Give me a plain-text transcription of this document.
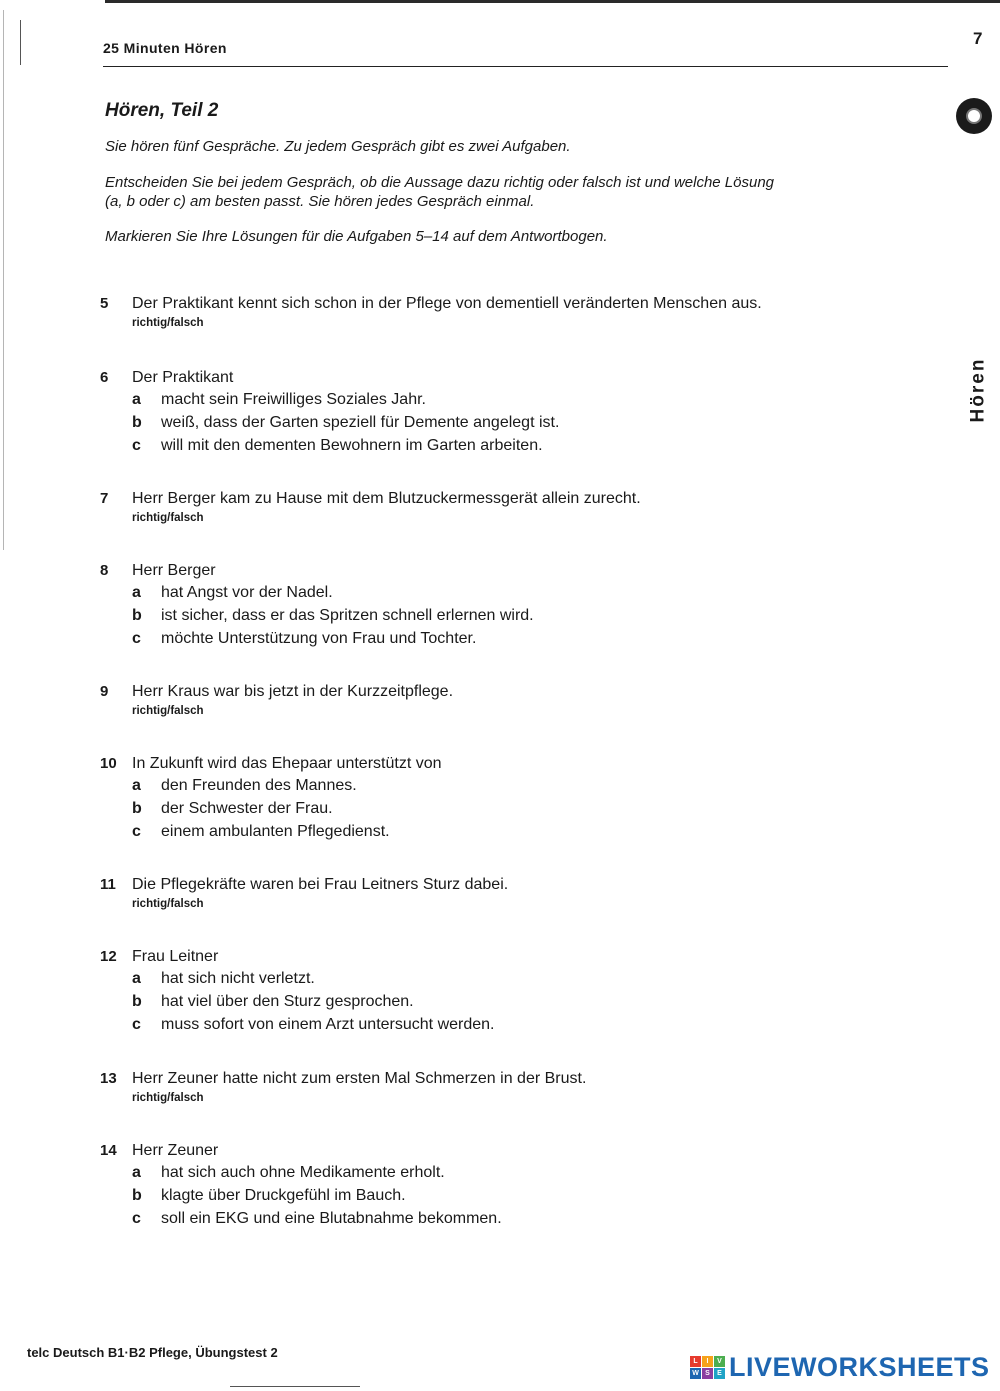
25 Minuten Hören	7
Hören
Hören, Teil 2
Sie hören fünf Gespräche. Zu jedem Gespräch gibt es zwei Aufgaben.
Entscheiden Sie bei jedem Gespräch, ob die Aussage dazu richtig oder falsch ist und welche Lösung
(a, b oder c) am besten passt. Sie hören jedes Gespräch einmal.
Markieren Sie Ihre Lösungen für die Aufgaben 5–14 auf dem Antwortbogen.
5	Der Praktikant kennt sich schon in der Pflege von dementiell veränderten Menschen aus.
richtig/falsch
6	Der Praktikant
a	macht sein Freiwilliges Soziales Jahr.
b	weiß, dass der Garten speziell für Demente angelegt ist.
c	will mit den dementen Bewohnern im Garten arbeiten.
7	Herr Berger kam zu Hause mit dem Blutzuckermessgerät allein zurecht.
richtig/falsch
8	Herr Berger
a	hat Angst vor der Nadel.
b	ist sicher, dass er das Spritzen schnell erlernen wird.
c	möchte Unterstützung von Frau und Tochter.
9	Herr Kraus war bis jetzt in der Kurzzeitpflege.
richtig/falsch
10 In Zukunft wird das Ehepaar unterstützt von
a	den Freunden des Mannes.
b	der Schwester der Frau.
c	einem ambulanten Pflegedienst.
11	Die Pflegekräfte waren bei Frau Leitners Sturz dabei.
richtig/falsch
12 Frau Leitner
a	hat sich nicht verletzt.
b	hat viel über den Sturz gesprochen.
c	muss sofort von einem Arzt untersucht werden.
13 Herr Zeuner hatte nicht zum ersten Mal Schmerzen in der Brust.
richtig/falsch
14 Herr Zeuner
a	hat sich auch ohne Medikamente erholt.
b	klagte über Druckgefühl im Bauch.
c	soll ein EKG und eine Blutabnahme bekommen.
telc Deutsch B1·B2 Pflege, Übungstest 2
L	I	V
W S	E LIVEWORKSHEETS
